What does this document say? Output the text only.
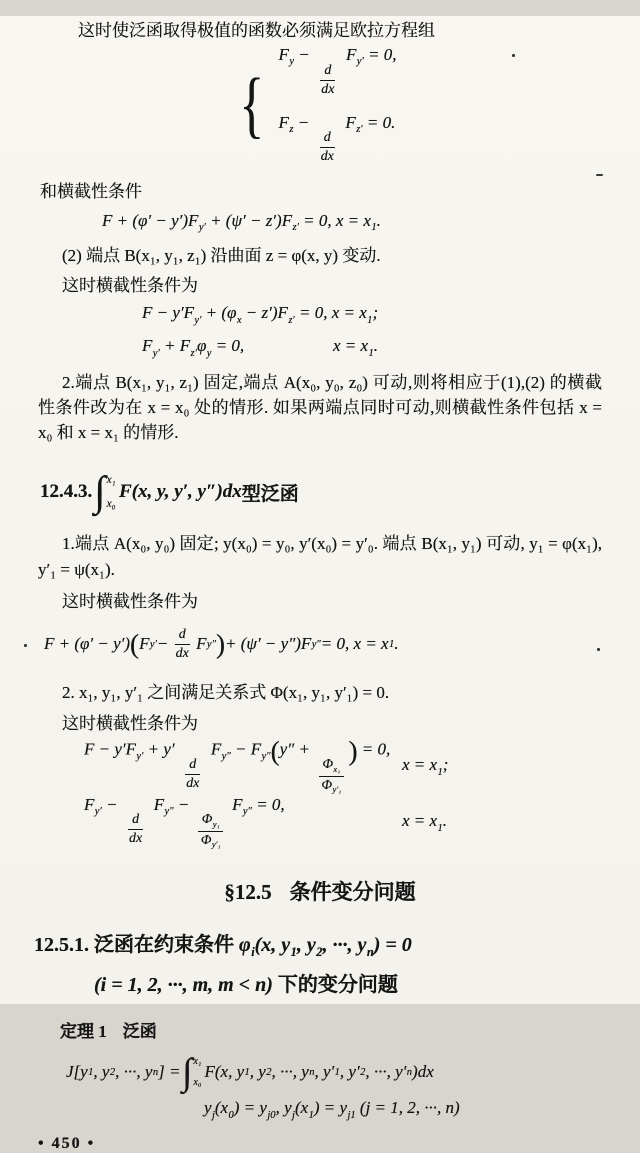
这时使泛函取得极值的函数必须满足欧拉方程组

{
$F_y$ −
$\frac{d}{dx}$
$F_{y'} = 0$,
$F_z$ −
$\frac{d}{dx}$
$F_{z'} = 0$.

和横截性条件

$F + (\varphi' - y')F_{y'} + (\psi' - z')F_{z'} = 0$, $x = x_1$.

(2) 端点 B(x₁, y₁, z₁) 沿曲面 z = φ(x, y) 变动.

这时横截性条件为

$F - y'F_{y'} + (\varphi_x - z')F_{z'} = 0$, $x = x_1$;
$F_{y'} + F_{z'}\varphi_y = 0$,	$x = x_1$.

2.端点 B(x₁, y₁, z₁) 固定,端点 A(x₀, y₀, z₀) 可动,则将相应于(1),(2) 的横截性条件改为在 x = x₀ 处的情形. 如果两端点同时可动,则横截性条件包括 x = x₀ 和 x = x₁ 的情形.

12.4.3. ∫ x₁
x₀
F(x, y, y′, y″)dx 型泛函

1.端点 A(x₀, y₀) 固定; y(x₀) = y₀, y′(x₀) = y′₀. 端点 B(x₁, y₁) 可动, y₁ = φ(x₁), y′₁ = ψ(x₁).

这时横截性条件为

F + (φ′ − y′) ( F $y' - \frac{d}{dx}$ F y″ ) + (ψ′ − y″)F y″ = 0, x = x 1 .

2. x₁, y₁, y′₁ 之间满足关系式 Φ(x₁, y₁, y′₁) = 0.

这时横截性条件为

$F - y'F_{y'} + y'$
$\frac{d}{dx}$
$F_{y''} - F_{y''}(y''$ +
$\frac{\Phi_{x_1}}{\Phi_{y'_1}}$
) = 0,
$x = x_1$;
$F_{y'}$ −
$\frac{d}{dx}$
$F_{y''}$ −
$\frac{\Phi_{y_1}}{\Phi_{y'_1}}$
$F_{y''} = 0$,
$x = x_1$.
§12.5 条件变分问题
12.5.1. 泛函在约束条件 $\varphi_i(x$, $y_1$, $y_2$, ···, $y_n) = 0$
(i = 1, 2, ···, m, m < n) 下的变分问题
定理 1 泛函
J[y 1 , y 2 , ···, y n ] = ∫ x₁
x₀
F(x, y 1 , y 2 , ···, y n , y′ 1 , y′ 2 , ···, y′ n )dx
$y_j(x_0) = y_{j0}$, $y_j(x_1) = y_{j1}$ (j = 1, 2, ···, n)

• 450 •
